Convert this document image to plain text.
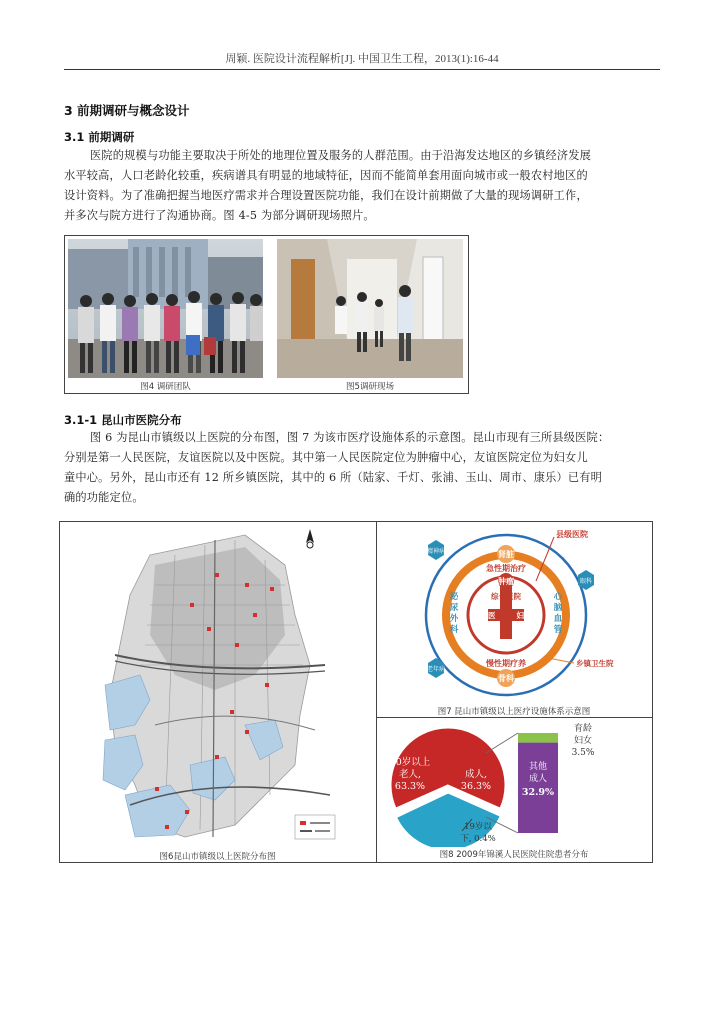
周颖. 医院设计流程解析[J]. 中国卫生工程，2013(1):16-44
3 前期调研与概念设计
3.1 前期调研
医院的规模与功能主要取决于所处的地理位置及服务的人群范围。由于沿海发达地区的乡镇经济发展
水平较高，人口老龄化较重，疾病谱具有明显的地域特征，因而不能简单套用面向城市或一般农村地区的
设计资料。为了准确把握当地医疗需求并合理设置医院功能，我们在设计前期做了大量的现场调研工作，
并多次与院方进行了沟通协商。图 4-5 为部分调研现场照片。
图4 调研团队	图5调研现场
3.1-1 昆山市医院分布
图 6 为昆山市镇级以上医院的分布图，图 7 为该市医疗设施体系的示意图。昆山市现有三所县级医院：
分别是第一人民医院，友谊医院以及中医院。其中第一人民医院定位为肿瘤中心，友谊医院定位为妇女儿
童中心。另外，昆山市还有 12 所乡镇医院，其中的 6 所（陆家、千灯、张浦、玉山、周市、康乐）已有明
确的功能定位。
图6昆山市镇级以上医院分布图
肾脏
急性期治疗
肿瘤
综合医院
中医	妇幼
骨科
慢性期疗养
精神病
眼科
老年病
泌
尿
外
科
心
脑
血
管
县级医院
乡镇卫生院
图7 昆山市镇级以上医疗设施体系示意图
60岁以上
老人,
63.3%
成人,
36.3%
19岁以
下, 0.4%
其他
成人
32.9%
育龄
妇女
3.5%
图8 2009年锦溪人民医院住院患者分布
